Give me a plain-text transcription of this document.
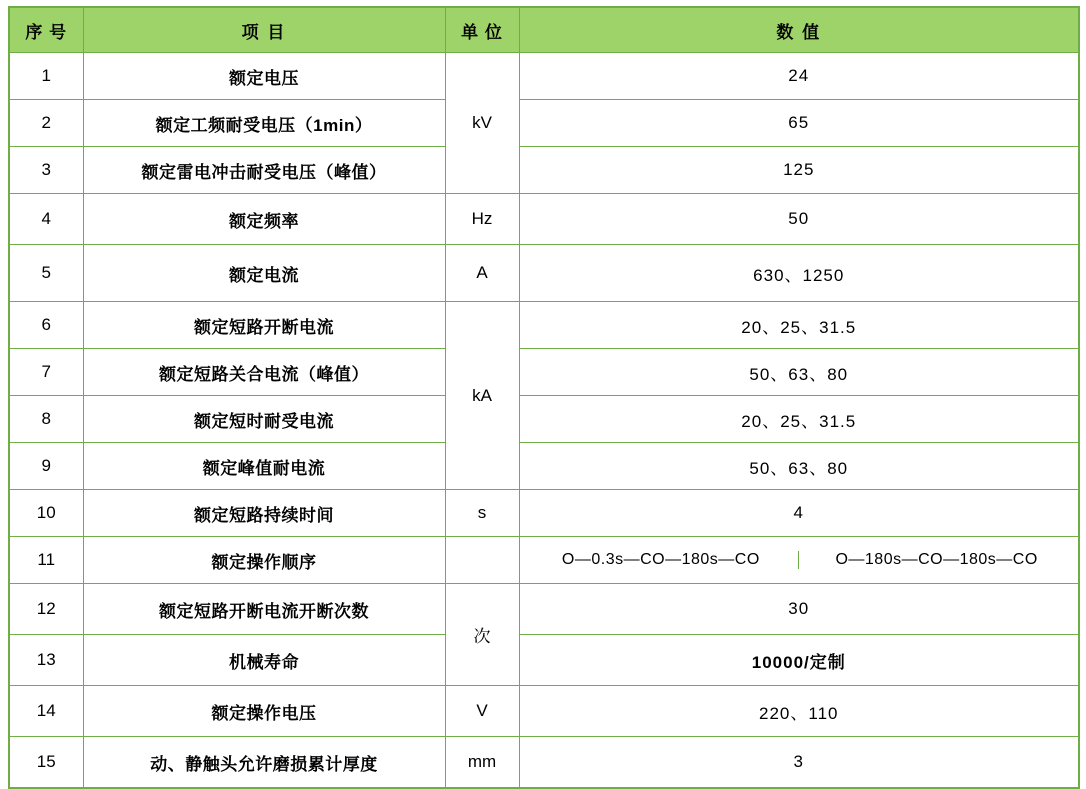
序 号	项 目	单 位	数 值
1	额定电压	kV	24
2	额定工频耐受电压（1min）		65
3	额定雷电冲击耐受电压（峰值）		125
4	额定频率	Hz	50
5	额定电流	A	630、1250
6	额定短路开断电流	kA	20、25、31.5
7	额定短路关合电流（峰值）		50、63、80
8	额定短时耐受电流		20、25、31.5
9	额定峰值耐电流		50、63、80
10	额定短路持续时间	s	4
11	额定操作顺序		O—0.3s—CO—180s—CO O—180s—CO—180s—CO

12	额定短路开断电流开断次数	次	30
13	机械寿命		10000/定制
14	额定操作电压	V	220、110
15	动、静触头允许磨损累计厚度	mm	3
